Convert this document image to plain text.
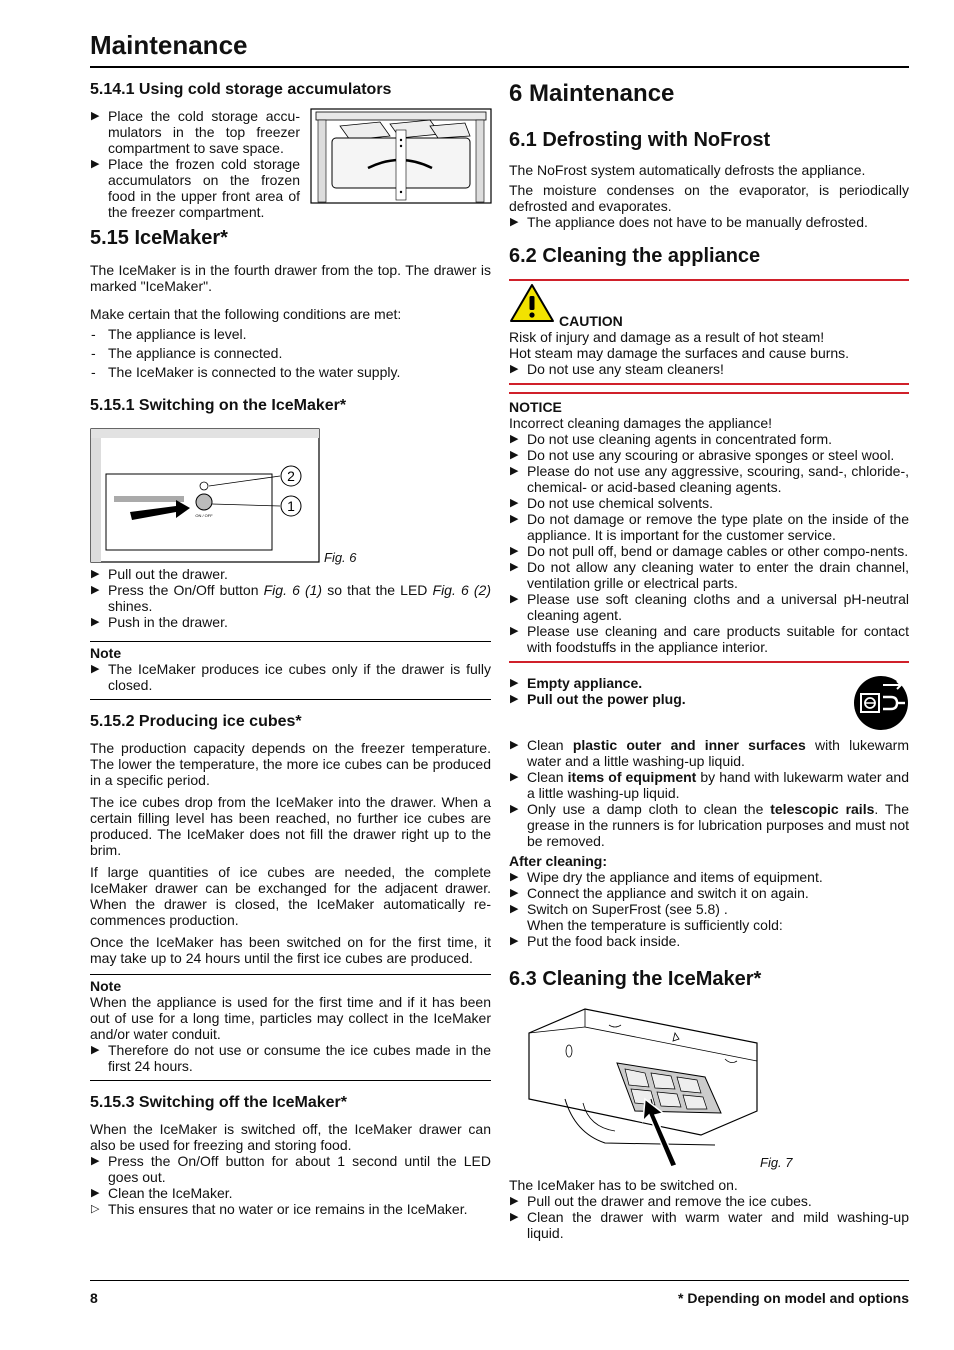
Maintenance
5.14.1 Using cold storage accumulators
▶ Place the cold storage accu-mulators in the top freezer compartment to save space.
▶ Place the frozen cold storage accumulators on the frozen food in the upper front area of the freezer compartment.
5.15 IceMaker*

The IceMaker is in the fourth drawer from the top. The drawer is marked "IceMaker".

Make certain that the following conditions are met:

- The appliance is level.
- The appliance is connected.
- The IceMaker is connected to the water supply.
5.15.1 Switching on the IceMaker*
2
1
ON / OFF
Fig. 6
▶ Pull out the drawer.
▶ Press the On/Off button Fig. 6 (1) so that the LED Fig. 6 (2) shines.
▶ Push in the drawer.
Note
▶ The IceMaker produces ice cubes only if the drawer is fully closed.
5.15.2 Producing ice cubes*

The production capacity depends on the freezer temperature. The lower the temperature, the more ice cubes can be produced in a specific period.

The ice cubes drop from the IceMaker into the drawer. When a certain filling level has been reached, no further ice cubes are produced. The IceMaker does not fill the drawer right up to the brim.

If large quantities of ice cubes are needed, the complete IceMaker drawer can be exchanged for the adjacent drawer. When the drawer is closed, the IceMaker automatically re-commences production.

Once the IceMaker has been switched on for the first time, it may take up to 24 hours until the first ice cubes are produced.

Note

When the appliance is used for the first time and if it has been out of use for a long time, particles may collect in the IceMaker and/or water conduit.

▶ Therefore do not use or consume the ice cubes made in the first 24 hours.
5.15.3 Switching off the IceMaker*

When the IceMaker is switched off, the IceMaker drawer can also be used for freezing and storing food.

▶ Press the On/Off button for about 1 second until the LED goes out.
▶ Clean the IceMaker.
▷ This ensures that no water or ice remains in the IceMaker.
6 Maintenance
6.1 Defrosting with NoFrost

The NoFrost system automatically defrosts the appliance.

The moisture condenses on the evaporator, is periodically defrosted and evaporates.

▶ The appliance does not have to be manually defrosted.
6.2 Cleaning the appliance
CAUTION
Risk of injury and damage as a result of hot steam!
Hot steam may damage the surfaces and cause burns.
▶ Do not use any steam cleaners!
NOTICE
Incorrect cleaning damages the appliance!
▶ Do not use cleaning agents in concentrated form.
▶ Do not use any scouring or abrasive sponges or steel wool.
▶ Please do not use any aggressive, scouring, sand-, chloride-, chemical- or acid-based cleaning agents.
▶ Do not use chemical solvents.
▶ Do not damage or remove the type plate on the inside of the appliance. It is important for the customer service.
▶ Do not pull off, bend or damage cables or other compo-nents.
▶ Do not allow any cleaning water to enter the drain channel, ventilation grille or electrical parts.
▶ Please use soft cleaning cloths and a universal pH-neutral cleaning agent.
▶ Please use cleaning and care products suitable for contact with foodstuffs in the appliance interior.
▶ Empty appliance.
▶ Pull out the power plug.
▶ Clean plastic outer and inner surfaces with lukewarm water and a little washing-up liquid.
▶ Clean items of equipment by hand with lukewarm water and a little washing-up liquid.
▶ Only use a damp cloth to clean the telescopic rails. The grease in the runners is for lubrication purposes and must not be removed.
After cleaning:
▶ Wipe dry the appliance and items of equipment.
▶ Connect the appliance and switch it on again.
▶ Switch on SuperFrost (see 5.8) .
When the temperature is sufficiently cold:
▶ Put the food back inside.
6.3 Cleaning the IceMaker*
Fig. 7
The IceMaker has to be switched on.
▶ Pull out the drawer and remove the ice cubes.
▶ Clean the drawer with warm water and mild washing-up liquid.
8	* Depending on model and options
